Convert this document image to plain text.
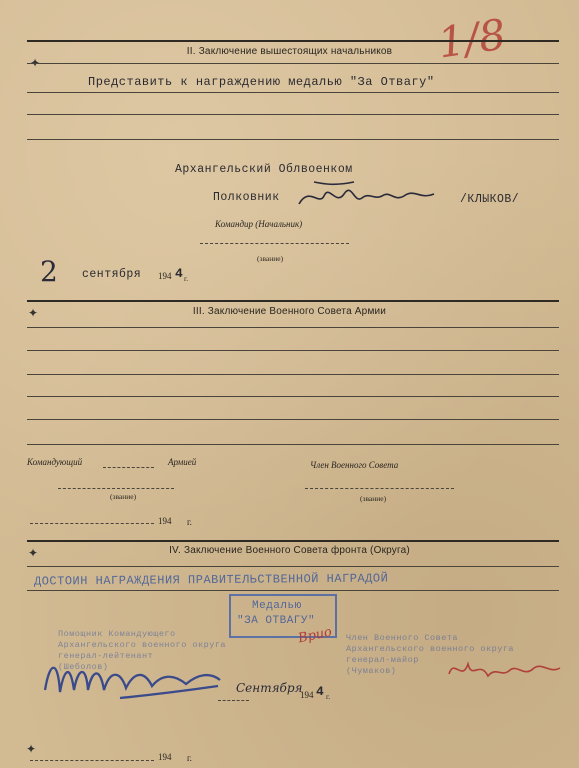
1/8
✦
II. Заключение вышестоящих начальников
Представить к награждению медалью "За Отвагу"
Архангельский Облвоенком
Полковник	/КЛЫКОВ/
Командир (Начальник)
(звание)
2 сентября 194 4 г.
✦	III. Заключение Военного Совета Армии
Командующий	Армией	Член Военного Совета
(звание)	(звание)
194 г.
✦	IV. Заключение Военного Совета фронта (Округа)
ДОСТОИН НАГРАЖДЕНИЯ ПРАВИТЕЛЬСТВЕННОЙ НАГРАДОЙ
Медалью
"ЗА ОТВАГУ"
Помощник Командующего
Архангельского военного округа
генерал-лейтенант
(Шеболов)
Член Военного Совета
Архангельского военного округа
генерал-майор
(Чумаков)
Врио
Сентября
194 4 г.
✦
194 г.
